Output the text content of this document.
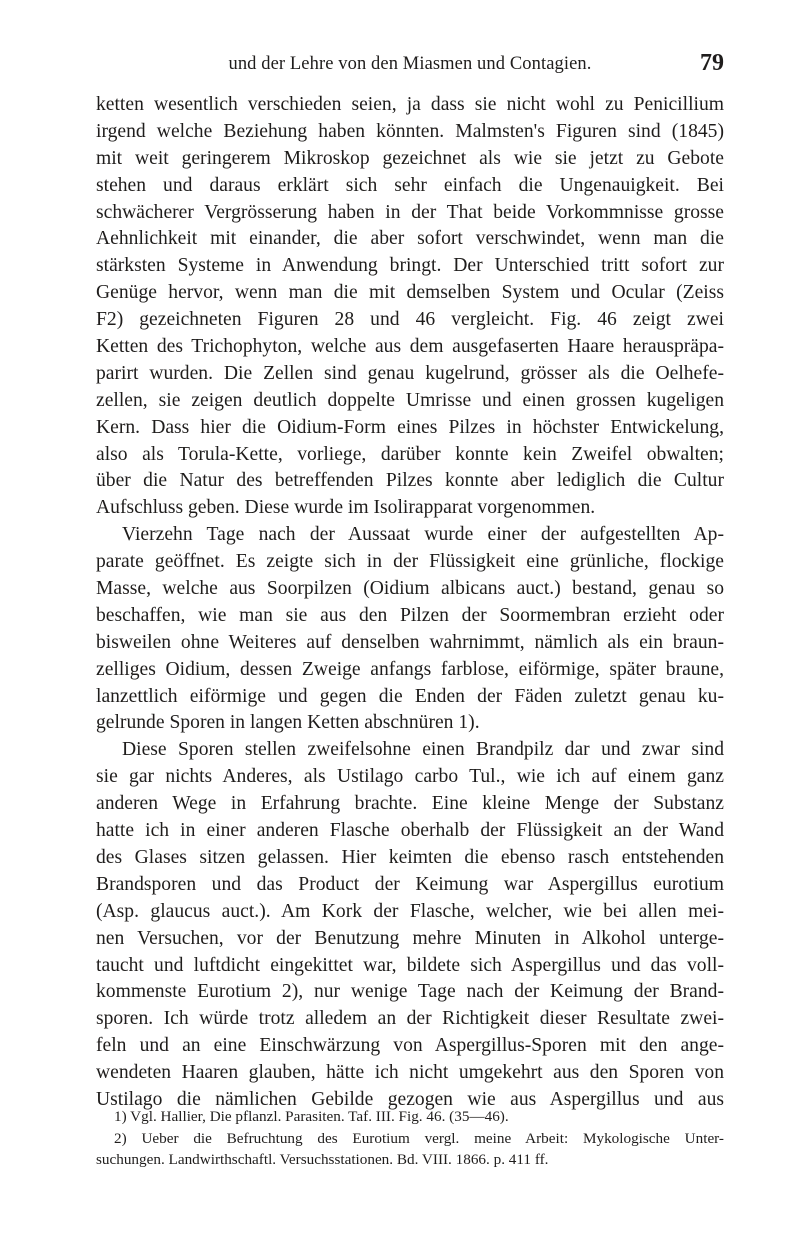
und der Lehre von den Miasmen und Contagien.	79
ketten wesentlich verschieden seien, ja dass sie nicht wohl zu Penicillium
irgend welche Beziehung haben könnten. Malmsten's Figuren sind (1845)
mit weit geringerem Mikroskop gezeichnet als wie sie jetzt zu Gebote
stehen und daraus erklärt sich sehr einfach die Ungenauigkeit. Bei
schwächerer Vergrösserung haben in der That beide Vorkommnisse grosse
Aehnlichkeit mit einander, die aber sofort verschwindet, wenn man die
stärksten Systeme in Anwendung bringt. Der Unterschied tritt sofort zur
Genüge hervor, wenn man die mit demselben System und Ocular (Zeiss
F2) gezeichneten Figuren 28 und 46 vergleicht. Fig. 46 zeigt zwei
Ketten des Trichophyton, welche aus dem ausgefaserten Haare herauspräpa-
parirt wurden. Die Zellen sind genau kugelrund, grösser als die Oelhefe-
zellen, sie zeigen deutlich doppelte Umrisse und einen grossen kugeligen
Kern. Dass hier die Oidium-Form eines Pilzes in höchster Entwickelung,
also als Torula-Kette, vorliege, darüber konnte kein Zweifel obwalten;
über die Natur des betreffenden Pilzes konnte aber lediglich die Cultur
Aufschluss geben. Diese wurde im Isolirapparat vorgenommen.
Vierzehn Tage nach der Aussaat wurde einer der aufgestellten Ap-
parate geöffnet. Es zeigte sich in der Flüssigkeit eine grünliche, flockige
Masse, welche aus Soorpilzen (Oidium albicans auct.) bestand, genau so
beschaffen, wie man sie aus den Pilzen der Soormembran erzieht oder
bisweilen ohne Weiteres auf denselben wahrnimmt, nämlich als ein braun-
zelliges Oidium, dessen Zweige anfangs farblose, eiförmige, später braune,
lanzettlich eiförmige und gegen die Enden der Fäden zuletzt genau ku-
gelrunde Sporen in langen Ketten abschnüren 1).
Diese Sporen stellen zweifelsohne einen Brandpilz dar und zwar sind
sie gar nichts Anderes, als Ustilago carbo Tul., wie ich auf einem ganz
anderen Wege in Erfahrung brachte. Eine kleine Menge der Substanz
hatte ich in einer anderen Flasche oberhalb der Flüssigkeit an der Wand
des Glases sitzen gelassen. Hier keimten die ebenso rasch entstehenden
Brandsporen und das Product der Keimung war Aspergillus eurotium
(Asp. glaucus auct.). Am Kork der Flasche, welcher, wie bei allen mei-
nen Versuchen, vor der Benutzung mehre Minuten in Alkohol unterge-
taucht und luftdicht eingekittet war, bildete sich Aspergillus und das voll-
kommenste Eurotium 2), nur wenige Tage nach der Keimung der Brand-
sporen. Ich würde trotz alledem an der Richtigkeit dieser Resultate zwei-
feln und an eine Einschwärzung von Aspergillus-Sporen mit den ange-
wendeten Haaren glauben, hätte ich nicht umgekehrt aus den Sporen von
Ustilago die nämlichen Gebilde gezogen wie aus Aspergillus und aus
1) Vgl. Hallier, Die pflanzl. Parasiten. Taf. III. Fig. 46. (35—46).
2) Ueber die Befruchtung des Eurotium vergl. meine Arbeit: Mykologische Unter-
suchungen. Landwirthschaftl. Versuchsstationen. Bd. VIII. 1866. p. 411 ff.
